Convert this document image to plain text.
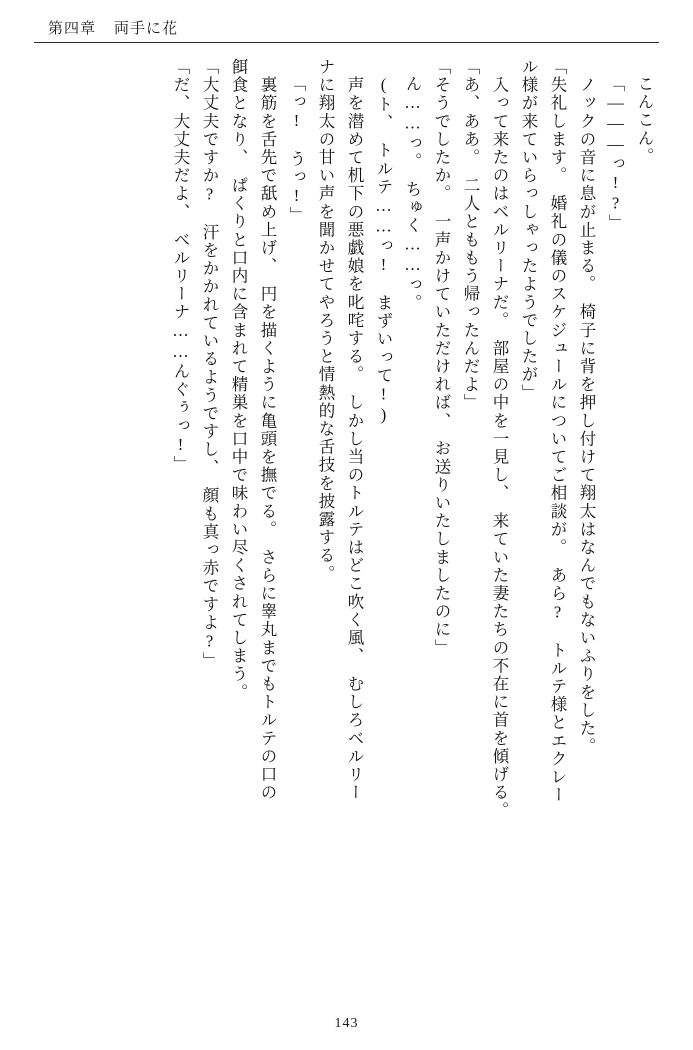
第四章 両手に花
こんこん。
「———っ!?」
　ノックの音に息が止まる。　椅子に背を押し付けて翔太はなんでもないふりをした。
「失礼します。　婚礼の儀のスケジュールについてご相談が。　あら?　トルテ様とエクレー
ル様が来ていらっしゃったようでしたが」
　入って来たのはベルリーナだ。　部屋の中を一見し、　来ていた妻たちの不在に首を傾げる。
「あ、ああ。　二人とももう帰ったんだよ」
「そうでしたか。　一声かけていただければ、　お送りいたしましたのに」
ん……っ。　ちゅく……っ。
(ト、　トルテ……っ!　まずいって!)
　声を潜めて机下の悪戯娘を叱咤する。　しかし当のトルテはどこ吹く風、　むしろベルリー
ナに翔太の甘い声を聞かせてやろうと情熱的な舌技を披露する。
「っ!　うっ!」
　裏筋を舌先で舐め上げ、　円を描くように亀頭を撫でる。　さらに睾丸までもトルテの口の
餌食となり、　ぱくりと口内に含まれて精巣を口中で味わい尽くされてしまう。
「大丈夫ですか?　汗をかかれているようですし、　顔も真っ赤ですよ?」
「だ、大丈夫だよ、　ベルリーナ……んぐぅっ!」
143
